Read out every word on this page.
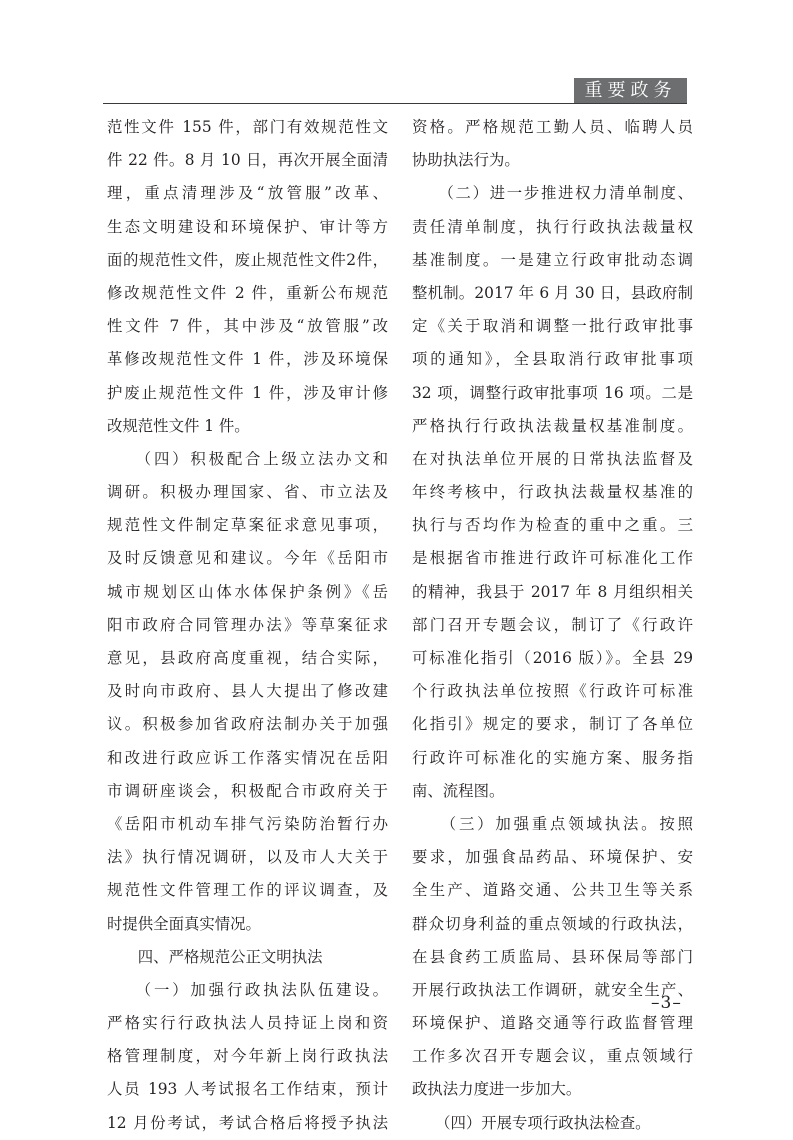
重要政务
范性文件 155 件，部门有效规范性文
件 22 件。8 月 10 日，再次开展全面清
理，重点清理涉及“放管服”改革、
生态文明建设和环境保护、审计等方
面的规范性文件，废止规范性文件2件，
修改规范性文件 2 件，重新公布规范
性文件 7 件，其中涉及“放管服”改
革修改规范性文件 1 件，涉及环境保
护废止规范性文件 1 件，涉及审计修
改规范性文件 1 件。
　　（四）积极配合上级立法办文和
调研。积极办理国家、省、市立法及
规范性文件制定草案征求意见事项，
及时反馈意见和建议。今年《岳阳市
城市规划区山体水体保护条例》《岳
阳市政府合同管理办法》等草案征求
意见，县政府高度重视，结合实际，
及时向市政府、县人大提出了修改建
议。积极参加省政府法制办关于加强
和改进行政应诉工作落实情况在岳阳
市调研座谈会，积极配合市政府关于
《岳阳市机动车排气污染防治暂行办
法》执行情况调研，以及市人大关于
规范性文件管理工作的评议调查，及
时提供全面真实情况。
　　四、严格规范公正文明执法
　　（一）加强行政执法队伍建设。
严格实行行政执法人员持证上岗和资
格管理制度，对今年新上岗行政执法
人员 193 人考试报名工作结束，预计
12 月份考试，考试合格后将授予执法
资格。严格规范工勤人员、临聘人员
协助执法行为。
　　（二）进一步推进权力清单制度、
责任清单制度，执行行政执法裁量权
基准制度。一是建立行政审批动态调
整机制。2017 年 6 月 30 日，县政府制
定《关于取消和调整一批行政审批事
项的通知》，全县取消行政审批事项
32 项，调整行政审批事项 16 项。二是
严格执行行政执法裁量权基准制度。
在对执法单位开展的日常执法监督及
年终考核中，行政执法裁量权基准的
执行与否均作为检查的重中之重。三
是根据省市推进行政许可标准化工作
的精神，我县于 2017 年 8 月组织相关
部门召开专题会议，制订了《行政许
可标准化指引（2016 版）》。全县 29
个行政执法单位按照《行政许可标准
化指引》规定的要求，制订了各单位
行政许可标准化的实施方案、服务指
南、流程图。
　　（三）加强重点领域执法。按照
要求，加强食品药品、环境保护、安
全生产、道路交通、公共卫生等关系
群众切身利益的重点领域的行政执法，
在县食药工质监局、县环保局等部门
开展行政执法工作调研，就安全生产、
环境保护、道路交通等行政监督管理
工作多次召开专题会议，重点领域行
政执法力度进一步加大。
　　（四）开展专项行政执法检查。
–3–
